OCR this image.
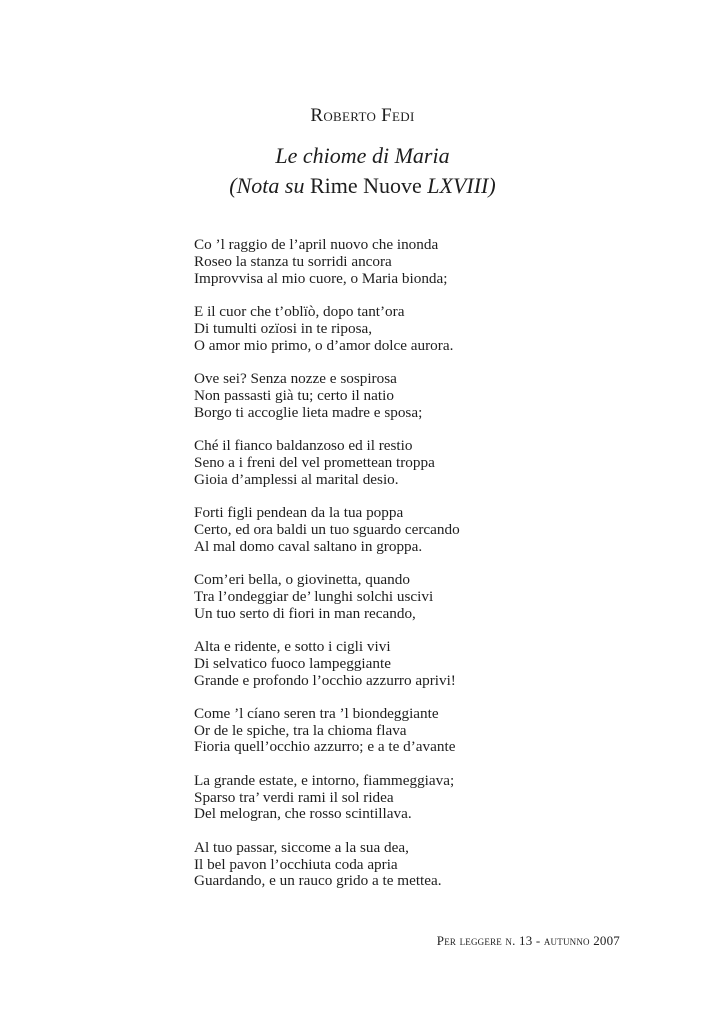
Roberto Fedi
Le chiome di Maria
(Nota su Rime Nuove LXVIII)
Co ’l raggio de l’april nuovo che inonda
Roseo la stanza tu sorridi ancora
Improvvisa al mio cuore, o Maria bionda;
E il cuor che t’oblïò, dopo tant’ora
Di tumulti ozïosi in te riposa,
O amor mio primo, o d’amor dolce aurora.
Ove sei? Senza nozze e sospirosa
Non passasti già tu; certo il natio
Borgo ti accoglie lieta madre e sposa;
Ché il fianco baldanzoso ed il restio
Seno a i freni del vel promettean troppa
Gioia d’amplessi al marital desio.
Forti figli pendean da la tua poppa
Certo, ed ora baldi un tuo sguardo cercando
Al mal domo caval saltano in groppa.
Com’eri bella, o giovinetta, quando
Tra l’ondeggiar de’ lunghi solchi uscivi
Un tuo serto di fiori in man recando,
Alta e ridente, e sotto i cigli vivi
Di selvatico fuoco lampeggiante
Grande e profondo l’occhio azzurro aprivi!
Come ’l cíano seren tra ’l biondeggiante
Or de le spiche, tra la chioma flava
Fioria quell’occhio azzurro; e a te d’avante
La grande estate, e intorno, fiammeggiava;
Sparso tra’ verdi rami il sol ridea
Del melogran, che rosso scintillava.
Al tuo passar, siccome a la sua dea,
Il bel pavon l’occhiuta coda apria
Guardando, e un rauco grido a te mettea.
Per leggere n. 13 - autunno 2007
